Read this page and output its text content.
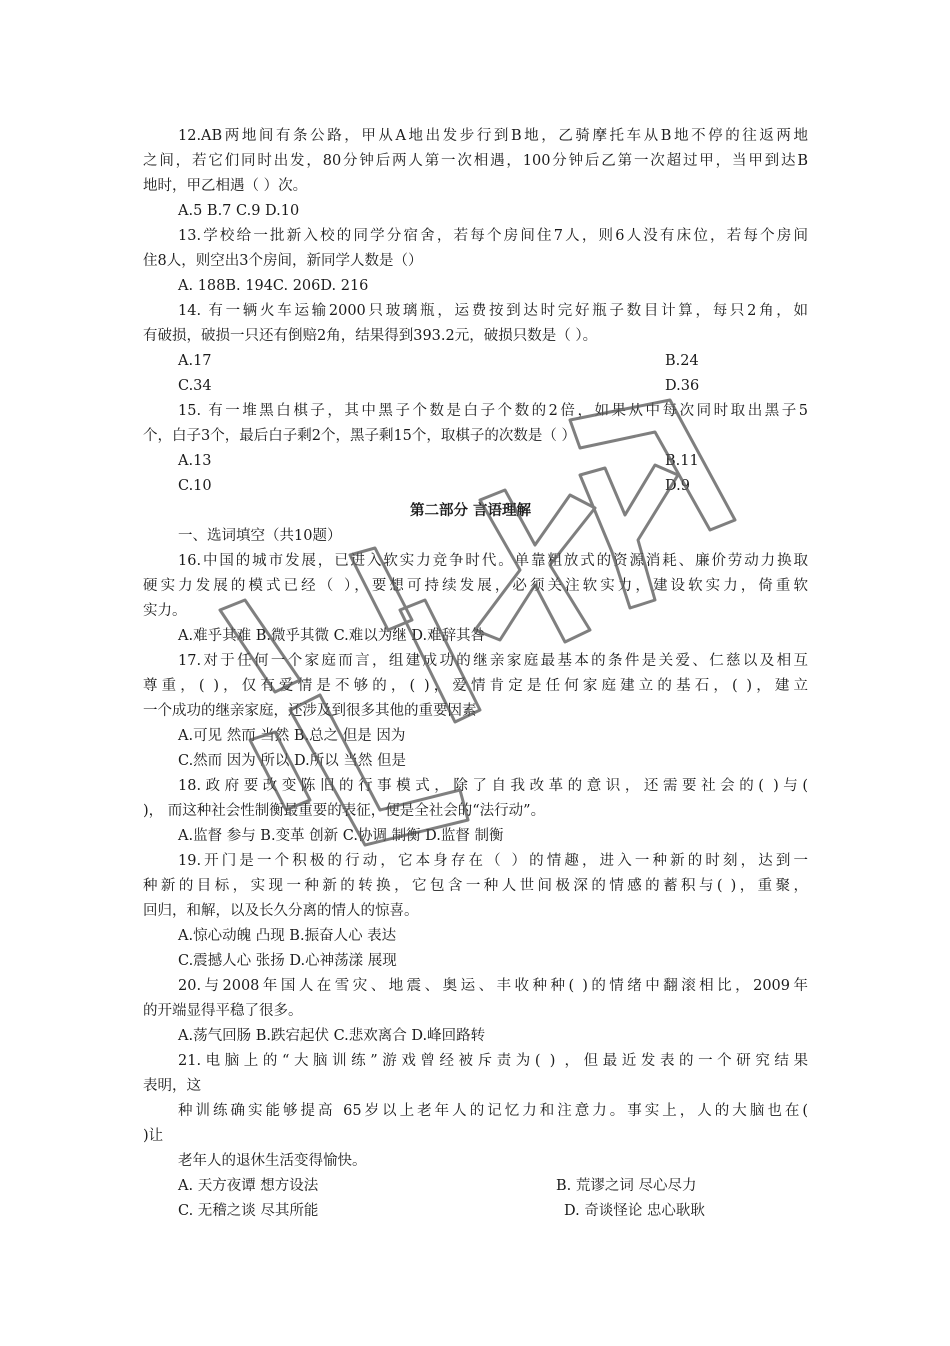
12.AB两地间有条公路，甲从A地出发步行到B地，乙骑摩托车从B地不停的往返两地
之间，若它们同时出发，80分钟后两人第一次相遇，100分钟后乙第一次超过甲，当甲到达B
地时，甲乙相遇（ ）次。
A.5 B.7 C.9 D.10
13.学校给一批新入校的同学分宿舍，若每个房间住7人，则6人没有床位，若每个房间
住8人，则空出3个房间，新同学人数是（）
A. 188B. 194C. 206D. 216
14. 有一辆火车运输2000只玻璃瓶，运费按到达时完好瓶子数目计算，每只2角，如
有破损，破损一只还有倒赔2角，结果得到393.2元，破损只数是（ ）。
A.17	B.24
C.34	D.36
15. 有一堆黑白棋子，其中黑子个数是白子个数的2倍，如果从中每次同时取出黑子5
个，白子3个，最后白子剩2个，黑子剩15个，取棋子的次数是（ ）
A.13	B.11
C.10	D.9
第二部分 言语理解
一、选词填空（共10题）
16.中国的城市发展，已进入软实力竞争时代。单靠粗放式的资源消耗、廉价劳动力换取
硬实力发展的模式已经（ ），要想可持续发展，必须关注软实力，建设软实力，倚重软
实力。
A.难乎其难 B.微乎其微 C.难以为继 D.难辞其咎
17.对于任何一个家庭而言，组建成功的继亲家庭最基本的条件是关爱、仁慈以及相互
尊重，( )，仅有爱情是不够的，( )，爱情肯定是任何家庭建立的基石，( )，建立
一个成功的继亲家庭，还涉及到很多其他的重要因素
A.可见 然而 当然 B.总之 但是 因为
C.然而 因为 所以 D.所以 当然 但是
18.政府要改变陈旧的行事模式，除了自我改革的意识，还需要社会的( )与(
)， 而这种社会性制衡最重要的表征，便是全社会的“法行动”。
A.监督 参与 B.变革 创新 C.协调 制衡 D.监督 制衡
19.开门是一个积极的行动，它本身存在（ ）的情趣，进入一种新的时刻，达到一
种新的目标，实现一种新的转换，它包含一种人世间极深的情感的蓄积与( )，重聚，
回归，和解，以及长久分离的情人的惊喜。
A.惊心动魄 凸现 B.振奋人心 表达
C.震撼人心 张扬 D.心神荡漾 展现
20.与2008年国人在雪灾、地震、奥运、丰收种种( )的情绪中翻滚相比，2009年
的开端显得平稳了很多。
A.荡气回肠 B.跌宕起伏 C.悲欢离合 D.峰回路转
21.电脑上的“大脑训练”游戏曾经被斥责为( ) ，但最近发表的一个研究结果
表明，这
种训练确实能够提高 65岁以上老年人的记忆力和注意力。事实上，人的大脑也在(
)让
老年人的退休生活变得愉快。
A. 天方夜谭 想方设法	B. 荒谬之词 尽心尽力
C. 无稽之谈 尽其所能	D. 奇谈怪论 忠心耿耿
